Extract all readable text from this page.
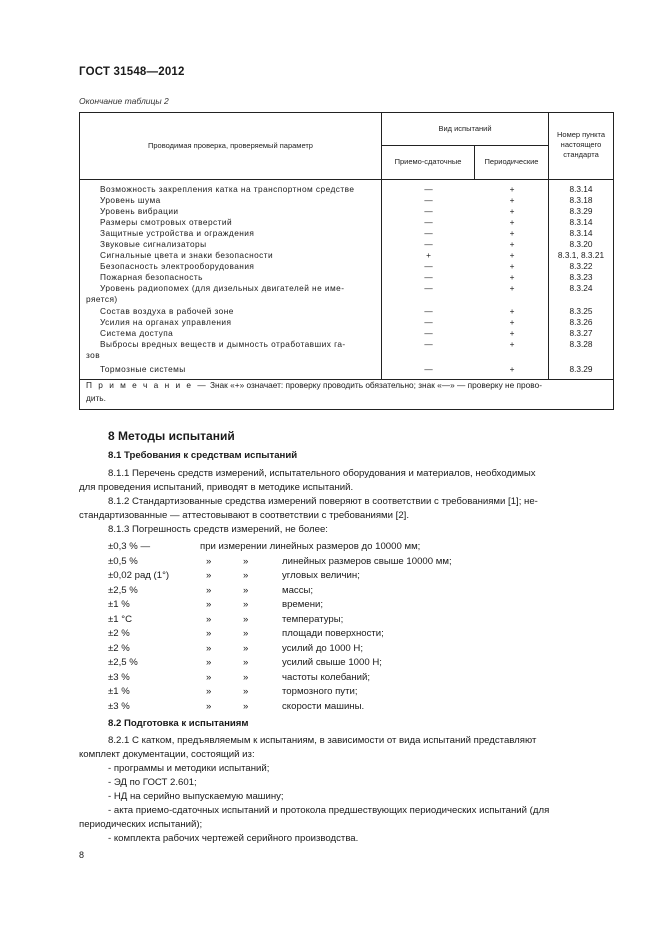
ГОСТ 31548—2012
Окончание таблицы 2
Проводимая проверка, проверяемый параметр
Вид испытаний
Приемо-сдаточные	Периодические
Номер пункта
настоящего
стандарта
Возможность закрепления катка на транспортном средстве	—	+	8.3.14
Уровень шума	—	+	8.3.18
Уровень вибрации	—	+	8.3.29
Размеры смотровых отверстий	—	+	8.3.14
Защитные устройства и ограждения	—	+	8.3.14
Звуковые сигнализаторы	—	+	8.3.20
Сигнальные цвета и знаки безопасности	+	+	8.3.1, 8.3.21
Безопасность электрооборудования	—	+	8.3.22
Пожарная безопасность	—	+	8.3.23
Уровень радиопомех (для дизельных двигателей не име-	—	+	8.3.24
ряется)
Состав воздуха в рабочей зоне	—	+	8.3.25
Усилия на органах управления	—	+	8.3.26
Система доступа	—	+	8.3.27
Выбросы вредных веществ и дымность отработавших га-	—	+	8.3.28
зов
Тормозные системы	—	+	8.3.29
П р и м е ч а н и е — Знак «+» означает: проверку проводить обязательно; знак «—» — проверку не прово-
дить.
8 Методы испытаний
8.1 Требования к средствам испытаний
8.1.1 Перечень средств измерений, испытательного оборудования и материалов, необходимых
для проведения испытаний, приводят в методике испытаний.
8.1.2 Стандартизованные средства измерений поверяют в соответствии с требованиями [1]; не-
стандартизованные — аттестовывают в соответствии с требованиями [2].
8.1.3 Погрешность средств измерений, не более:
±0,3 % —	при измерении линейных размеров до 10000 мм;
±0,5 %	»	»	линейных размеров свыше 10000 мм;
±0,02 рад (1°)	»	»	угловых величин;
±2,5 %	»	»	массы;
±1 %	»	»	времени;
±1 °С	»	»	температуры;
±2 %	»	»	площади поверхности;
±2 %	»	»	усилий до 1000 Н;
±2,5 %	»	»	усилий свыше 1000 Н;
±3 %	»	»	частоты колебаний;
±1 %	»	»	тормозного пути;
±3 %	»	»	скорости машины.
8.2 Подготовка к испытаниям
8.2.1 С катком, предъявляемым к испытаниям, в зависимости от вида испытаний представляют
комплект документации, состоящий из:
- программы и методики испытаний;
- ЭД по ГОСТ 2.601;
- НД на серийно выпускаемую машину;
- акта приемо-сдаточных испытаний и протокола предшествующих периодических испытаний (для
периодических испытаний);
- комплекта рабочих чертежей серийного производства.
8
